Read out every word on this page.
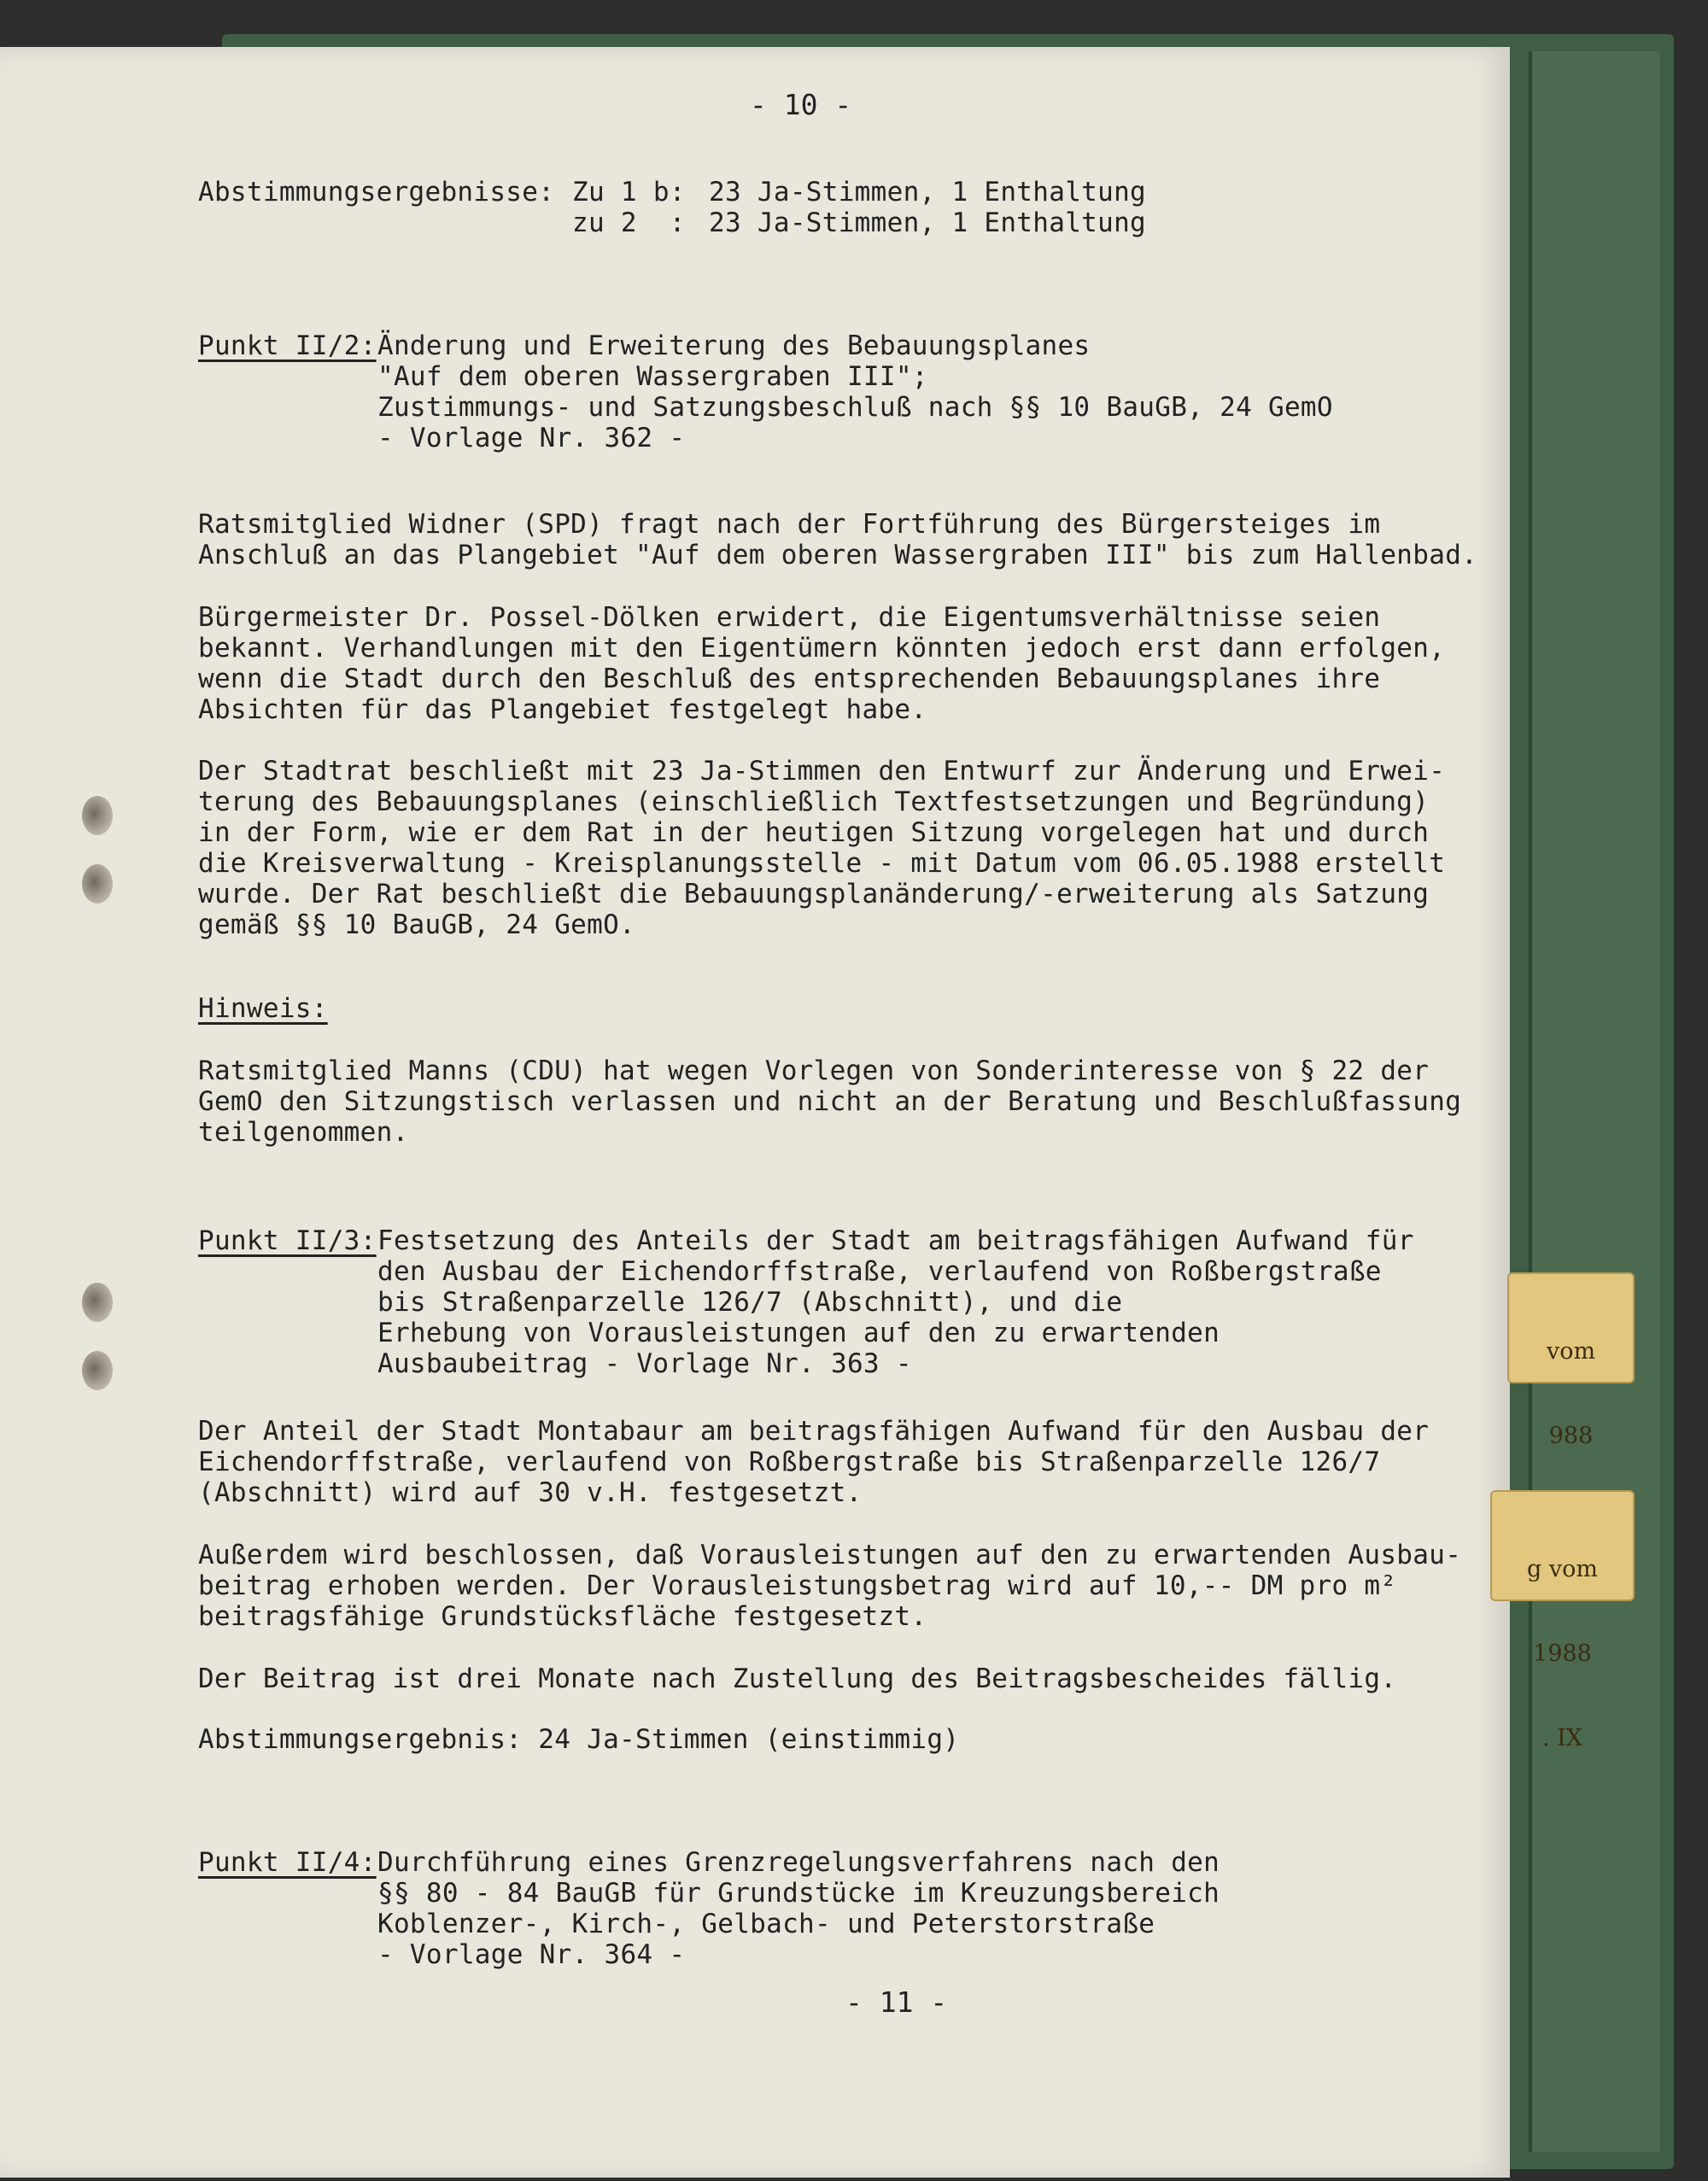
- 10 -
Abstimmungsergebnisse: Zu 1 b: 23 Ja-Stimmen, 1 Enthaltung
zu 2  : 23 Ja-Stimmen, 1 Enthaltung
Punkt II/2: Änderung und Erweiterung des Bebauungsplanes
"Auf dem oberen Wassergraben III";
Zustimmungs- und Satzungsbeschluß nach §§ 10 BauGB, 24 GemO
- Vorlage Nr. 362 -
Ratsmitglied Widner (SPD) fragt nach der Fortführung des Bürgersteiges im
Anschluß an das Plangebiet "Auf dem oberen Wassergraben III" bis zum Hallenbad.
Bürgermeister Dr. Possel-Dölken erwidert, die Eigentumsverhältnisse seien
bekannt. Verhandlungen mit den Eigentümern könnten jedoch erst dann erfolgen,
wenn die Stadt durch den Beschluß des entsprechenden Bebauungsplanes ihre
Absichten für das Plangebiet festgelegt habe.
Der Stadtrat beschließt mit 23 Ja-Stimmen den Entwurf zur Änderung und Erwei-
terung des Bebauungsplanes (einschließlich Textfestsetzungen und Begründung)
in der Form, wie er dem Rat in der heutigen Sitzung vorgelegen hat und durch
die Kreisverwaltung - Kreisplanungsstelle - mit Datum vom 06.05.1988 erstellt
wurde. Der Rat beschließt die Bebauungsplanänderung/-erweiterung als Satzung
gemäß §§ 10 BauGB, 24 GemO.
Hinweis:
Ratsmitglied Manns (CDU) hat wegen Vorlegen von Sonderinteresse von § 22 der
GemO den Sitzungstisch verlassen und nicht an der Beratung und Beschlußfassung
teilgenommen.
Punkt II/3: Festsetzung des Anteils der Stadt am beitragsfähigen Aufwand für
den Ausbau der Eichendorffstraße, verlaufend von Roßbergstraße
bis Straßenparzelle 126/7 (Abschnitt), und die
Erhebung von Vorausleistungen auf den zu erwartenden
Ausbaubeitrag - Vorlage Nr. 363 -
Der Anteil der Stadt Montabaur am beitragsfähigen Aufwand für den Ausbau der
Eichendorffstraße, verlaufend von Roßbergstraße bis Straßenparzelle 126/7
(Abschnitt) wird auf 30 v.H. festgesetzt.
Außerdem wird beschlossen, daß Vorausleistungen auf den zu erwartenden Ausbau-
beitrag erhoben werden. Der Vorausleistungsbetrag wird auf 10,-- DM pro m²
beitragsfähige Grundstücksfläche festgesetzt.
Der Beitrag ist drei Monate nach Zustellung des Beitragsbescheides fällig.
Abstimmungsergebnis: 24 Ja-Stimmen (einstimmig)
Punkt II/4: Durchführung eines Grenzregelungsverfahrens nach den
§§ 80 - 84 BauGB für Grundstücke im Kreuzungsbereich
Koblenzer-, Kirch-, Gelbach- und Peterstorstraße
- Vorlage Nr. 364 -
- 11 -

vom

988

g vom

1988

. IX
